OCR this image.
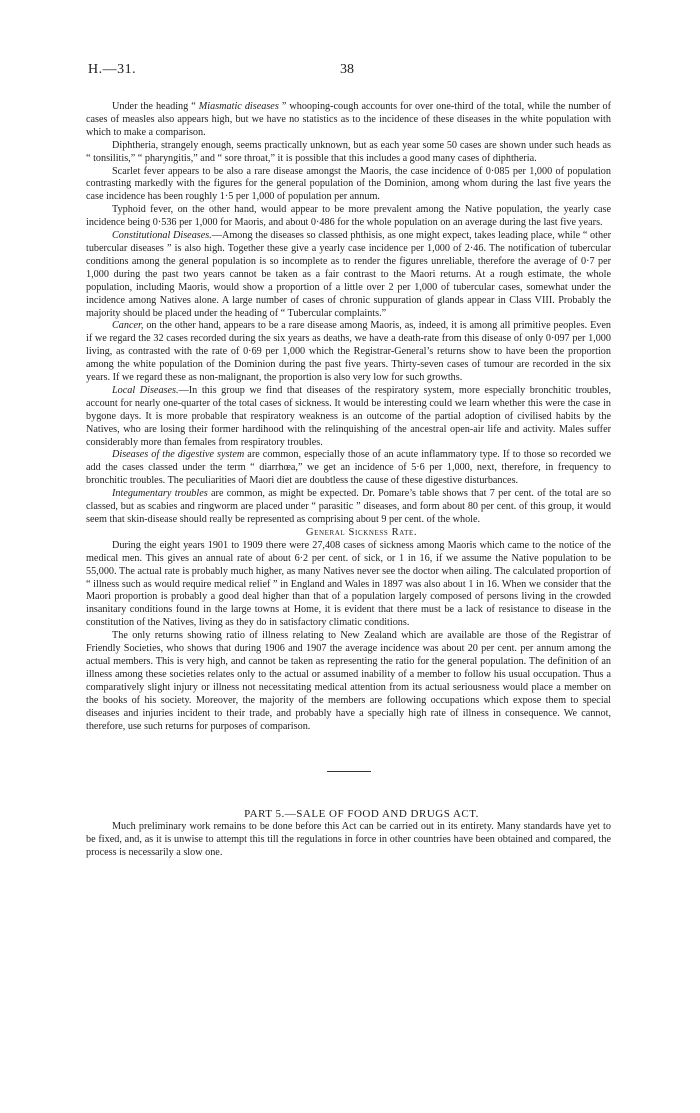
H.—31.	38

Under the heading “ Miasmatic diseases ” whooping-cough accounts for over one-third of the total, while the number of cases of measles also appears high, but we have no statistics as to the incidence of these diseases in the white population with which to make a comparison.

Diphtheria, strangely enough, seems practically unknown, but as each year some 50 cases are shown under such heads as “ tonsilitis,” “ pharyngitis,” and “ sore throat,” it is possible that this includes a good many cases of diphtheria.

Scarlet fever appears to be also a rare disease amongst the Maoris, the case incidence of 0·085 per 1,000 of population contrasting markedly with the figures for the general population of the Dominion, among whom during the last five years the case incidence has been roughly 1·5 per 1,000 of population per annum.

Typhoid fever, on the other hand, would appear to be more prevalent among the Native population, the yearly case incidence being 0·536 per 1,000 for Maoris, and about 0·486 for the whole population on an average during the last five years.

Constitutional Diseases.—Among the diseases so classed phthisis, as one might expect, takes leading place, while “ other tubercular diseases ” is also high. Together these give a yearly case incidence per 1,000 of 2·46. The notification of tubercular conditions among the general population is so incomplete as to render the figures unreliable, therefore the average of 0·7 per 1,000 during the past two years cannot be taken as a fair contrast to the Maori returns. At a rough estimate, the whole population, including Maoris, would show a proportion of a little over 2 per 1,000 of tubercular cases, somewhat under the incidence among Natives alone. A large number of cases of chronic suppuration of glands appear in Class VIII. Probably the majority should be placed under the heading of “ Tubercular complaints.”

Cancer, on the other hand, appears to be a rare disease among Maoris, as, indeed, it is among all primitive peoples. Even if we regard the 32 cases recorded during the six years as deaths, we have a death-rate from this disease of only 0·097 per 1,000 living, as contrasted with the rate of 0·69 per 1,000 which the Registrar-General’s returns show to have been the proportion among the white population of the Dominion during the past five years. Thirty-seven cases of tumour are recorded in the six years. If we regard these as non-malignant, the proportion is also very low for such growths.

Local Diseases.—In this group we find that diseases of the respiratory system, more especially bronchitic troubles, account for nearly one-quarter of the total cases of sickness. It would be interesting could we learn whether this were the case in bygone days. It is more probable that respiratory weakness is an outcome of the partial adoption of civilised habits by the Natives, who are losing their former hardihood with the relinquishing of the ancestral open-air life and activity. Males suffer considerably more than females from respiratory troubles.

Diseases of the digestive system are common, especially those of an acute inflammatory type. If to those so recorded we add the cases classed under the term “ diarrhœa,” we get an incidence of 5·6 per 1,000, next, therefore, in frequency to bronchitic troubles. The peculiarities of Maori diet are doubtless the cause of these digestive disturbances.

Integumentary troubles are common, as might be expected. Dr. Pomare’s table shows that 7 per cent. of the total are so classed, but as scabies and ringworm are placed under “ parasitic ” diseases, and form about 80 per cent. of this group, it would seem that skin-disease should really be represented as comprising about 9 per cent. of the whole.

General Sickness Rate.

During the eight years 1901 to 1909 there were 27,408 cases of sickness among Maoris which came to the notice of the medical men. This gives an annual rate of about 6·2 per cent. of sick, or 1 in 16, if we assume the Native population to be 55,000. The actual rate is probably much higher, as many Natives never see the doctor when ailing. The calculated proportion of “ illness such as would require medical relief ” in England and Wales in 1897 was also about 1 in 16. When we consider that the Maori proportion is probably a good deal higher than that of a population largely composed of persons living in the crowded insanitary conditions found in the large towns at Home, it is evident that there must be a lack of resistance to disease in the constitution of the Natives, living as they do in satisfactory climatic conditions.

The only returns showing ratio of illness relating to New Zealand which are available are those of the Registrar of Friendly Societies, who shows that during 1906 and 1907 the average incidence was about 20 per cent. per annum among the actual members. This is very high, and cannot be taken as representing the ratio for the general population. The definition of an illness among these societies relates only to the actual or assumed inability of a member to follow his usual occupation. Thus a comparatively slight injury or illness not necessitating medical attention from its actual seriousness would place a member on the books of his society. Moreover, the majority of the members are following occupations which expose them to special diseases and injuries incident to their trade, and probably have a specially high rate of illness in consequence. We cannot, therefore, use such returns for purposes of comparison.

PART 5.—SALE OF FOOD AND DRUGS ACT.

Much preliminary work remains to be done before this Act can be carried out in its entirety. Many standards have yet to be fixed, and, as it is unwise to attempt this till the regulations in force in other countries have been obtained and compared, the process is necessarily a slow one.
